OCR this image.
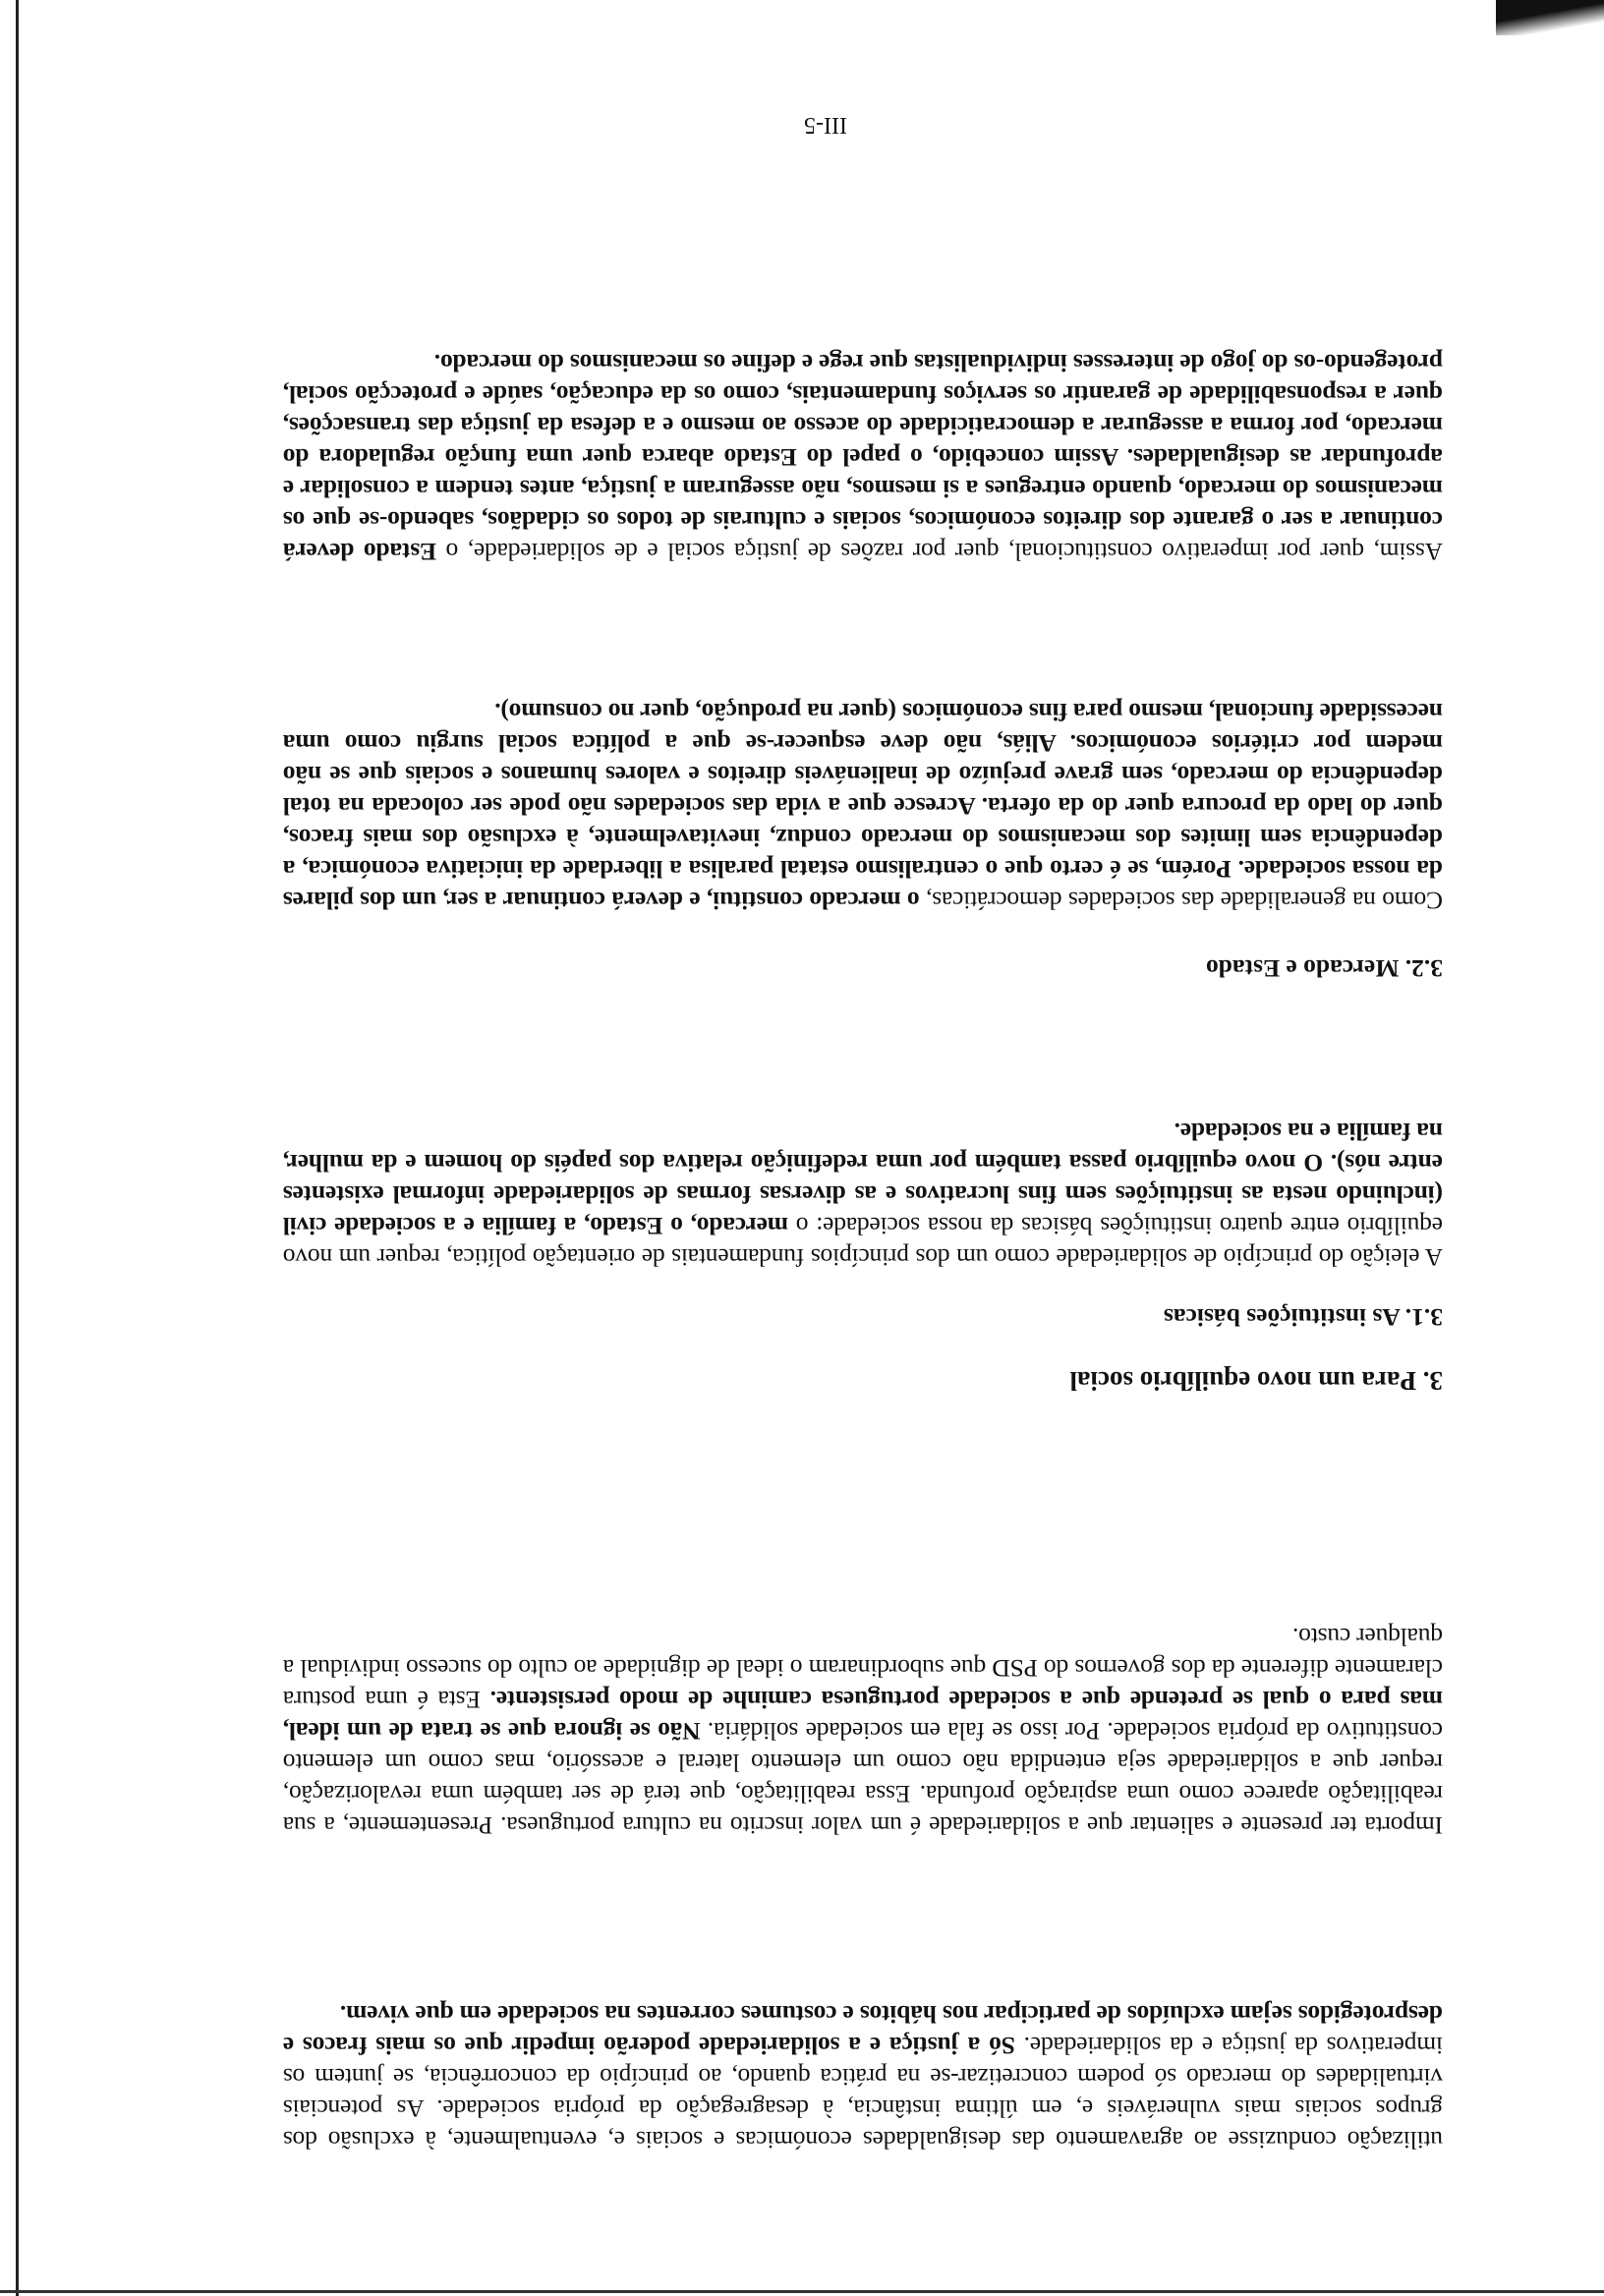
utilização conduzisse ao agravamento das desigualdades económicas e sociais e, eventualmente, à exclusão dos grupos sociais mais vulneráveis e, em última instância, à desagregação da própria sociedade. As potenciais virtualidades do mercado só podem concretizar-se na prática quando, ao princípio da concorrência, se juntem os imperativos da justiça e da solidariedade. Só a justiça e a solidariedade poderão impedir que os mais fracos e desprotegidos sejam excluídos de participar nos hábitos e costumes correntes na sociedade em que vivem.

Importa ter presente e salientar que a solidariedade é um valor inscrito na cultura portuguesa. Presentemente, a sua reabilitação aparece como uma aspiração profunda. Essa reabilitação, que terá de ser também uma revalorização, requer que a solidariedade seja entendida não como um elemento lateral e acessório, mas como um elemento constitutivo da própria sociedade. Por isso se fala em sociedade solidária. Não se ignora que se trata de um ideal, mas para o qual se pretende que a sociedade portuguesa caminhe de modo persistente. Esta é uma postura claramente diferente da dos governos do PSD que subordinaram o ideal de dignidade ao culto do sucesso individual a qualquer custo.

3. Para um novo equilíbrio social
3.1. As instituições básicas

A eleição do princípio de solidariedade como um dos princípios fundamentais de orientação política, requer um novo equilíbrio entre quatro instituições básicas da nossa sociedade: o mercado, o Estado, a família e a sociedade civil (incluindo nesta as instituições sem fins lucrativos e as diversas formas de solidariedade informal existentes entre nós). O novo equilíbrio passa também por uma redefinição relativa dos papéis do homem e da mulher, na família e na sociedade.

3.2. Mercado e Estado

Como na generalidade das sociedades democráticas, o mercado constitui, e deverá continuar a ser, um dos pilares da nossa sociedade. Porém, se é certo que o centralismo estatal paralisa a liberdade da iniciativa económica, a dependência sem limites dos mecanismos do mercado conduz, inevitavelmente, à exclusão dos mais fracos, quer do lado da procura quer do da oferta. Acresce que a vida das sociedades não pode ser colocada na total dependência do mercado, sem grave prejuízo de inalienáveis direitos e valores humanos e sociais que se não medem por critérios económicos. Aliás, não deve esquecer-se que a política social surgiu como uma necessidade funcional, mesmo para fins económicos (quer na produção, quer no consumo).

Assim, quer por imperativo constitucional, quer por razões de justiça social e de solidariedade, o Estado deverá continuar a ser o garante dos direitos económicos, sociais e culturais de todos os cidadãos, sabendo-se que os mecanismos do mercado, quando entregues a si mesmos, não asseguram a justiça, antes tendem a consolidar e aprofundar as desigualdades. Assim concebido, o papel do Estado abarca quer uma função reguladora do mercado, por forma a assegurar a democraticidade do acesso ao mesmo e a defesa da justiça das transacções, quer a responsabilidade de garantir os serviços fundamentais, como os da educação, saúde e protecção social, protegendo-os do jogo de interesses individualistas que rege e define os mecanismos do mercado.

III-5
